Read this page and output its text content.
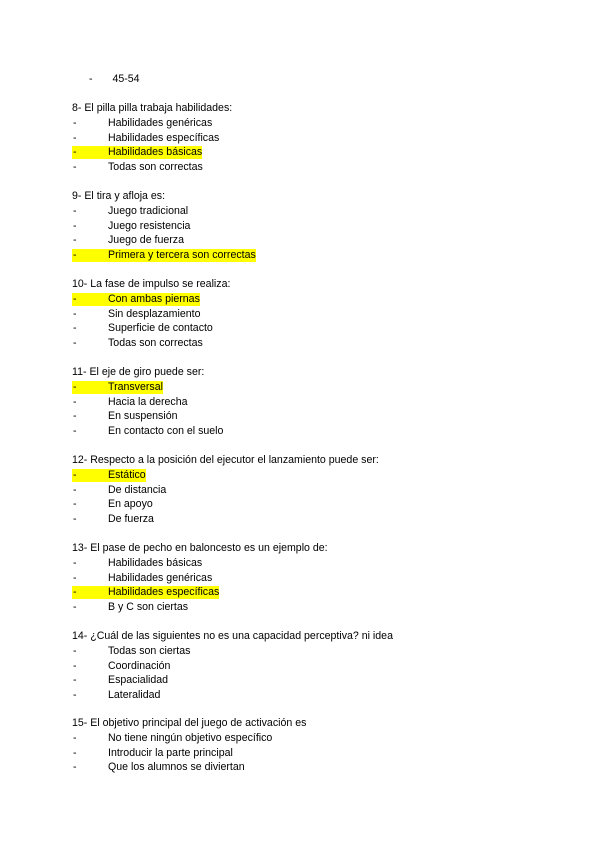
- 45-54
8- El pilla pilla trabaja habilidades:
-	Habilidades genéricas
-	Habilidades específicas
-	Habilidades básicas
-	Todas son correctas
9- El tira y afloja es:
-	Juego tradicional
-	Juego resistencia
-	Juego de fuerza
-	Primera y tercera son correctas
10- La fase de impulso se realiza:
-	Con ambas piernas
-	Sin desplazamiento
-	Superficie de contacto
-	Todas son correctas
11- El eje de giro puede ser:
-	Transversal
-	Hacia la derecha
-	En suspensión
-	En contacto con el suelo
12- Respecto a la posición del ejecutor el lanzamiento puede ser:
-	Estático
-	De distancia
-	En apoyo
-	De fuerza
13- El pase de pecho en baloncesto es un ejemplo de:
-	Habilidades básicas
-	Habilidades genéricas
-	Habilidades específicas
-	B y C son ciertas
14- ¿Cuál de las siguientes no es una capacidad perceptiva? ni idea
-	Todas son ciertas
-	Coordinación
-	Espacialidad
-	Lateralidad
15- El objetivo principal del juego de activación es
-	No tiene ningún objetivo específico
-	Introducir la parte principal
-	Que los alumnos se diviertan
